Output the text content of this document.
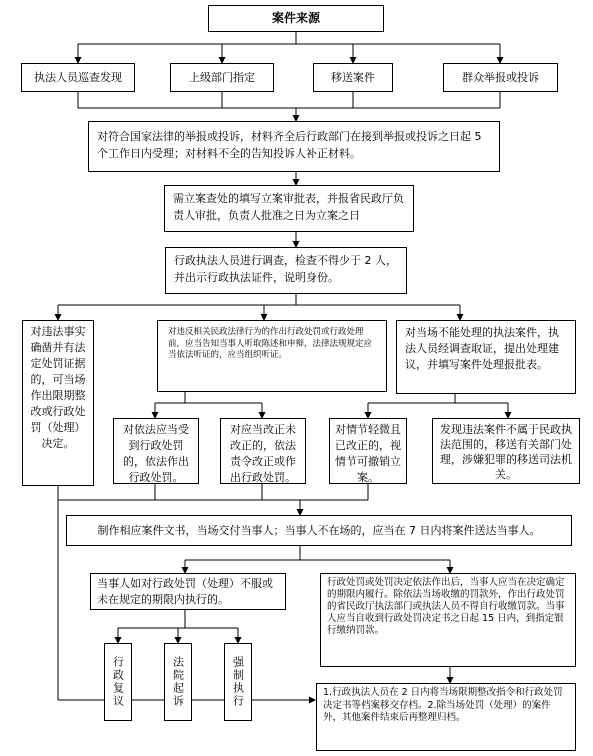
案件来源
执法人员巡查发现	上级部门指定	移送案件	群众举报或投诉
对符合国家法律的举报或投诉，材料齐全后行政部门在接到举报或投诉之日起 5 个工作日内受理；对材料不全的告知投诉人补正材料。
需立案查处的填写立案审批表，并报省民政厅负责人审批，负责人批准之日为立案之日
行政执法人员进行调查，检查不得少于 2 人，并出示行政执法证件，说明身份。
对违法事实确凿并有法定处罚证据的，可当场作出限期整改或行政处罚（处理）决定。
对违反相关民政法律行为的作出行政处罚或行政处理前，应当告知当事人听取陈述和申辩，法律法规规定应当依法听证的，应当组织听证。
对当场不能处理的执法案件，执法人员经调查取证，提出处理建议，并填写案件处理报批表。
对依法应当受到行政处罚的，依法作出行政处罚。
对应当改正未改正的，依法责令改正或作出行政处罚。
对情节轻微且已改正的，视情节可撤销立案。
发现违法案件不属于民政执法范围的，移送有关部门处理，涉嫌犯罪的移送司法机关。
制作相应案件文书，当场交付当事人；当事人不在场的，应当在 7 日内将案件送达当事人。
当事人如对行政处罚（处理）不服或未在规定的期限内执行的。
行政处罚或处罚决定依法作出后，当事人应当在决定确定的期限内履行。除依法当场收缴的罚款外，作出行政处罚的省民政厅执法部门或执法人员不得自行收缴罚款。当事人应当自收到行政处罚决定书之日起 15 日内，到指定银行缴纳罚款。
行政复议	法院起诉	强制执行	1.行政执法人员在 2 日内将当场限期整改指令和行政处罚决定书等档案移交存档。2.除当场处罚（处理）的案件外，其他案件结束后再整理归档。
